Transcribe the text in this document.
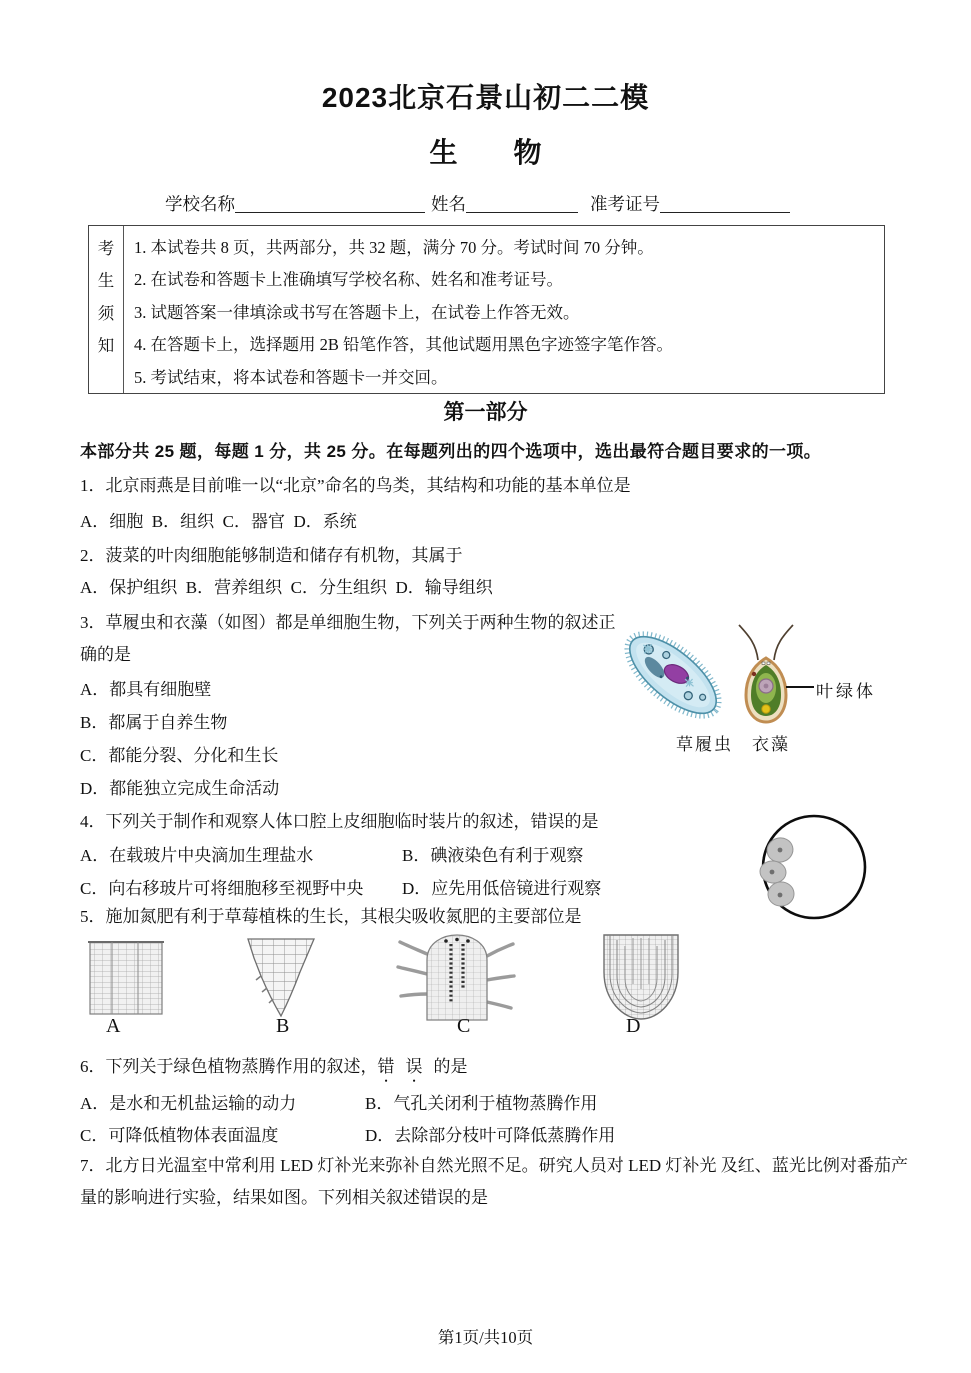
2023北京石景山初二二模
生　　物
学校名称	姓名	准考证号
考
生
须
知
1. 本试卷共 8 页，共两部分，共 32 题，满分 70 分。考试时间 70 分钟。
2. 在试卷和答题卡上准确填写学校名称、姓名和准考证号。
3. 试题答案一律填涂或书写在答题卡上，在试卷上作答无效。
4. 在答题卡上，选择题用 2B 铅笔作答，其他试题用黑色字迹签字笔作答。
5. 考试结束，将本试卷和答题卡一并交回。
第一部分
本部分共 25 题，每题 1 分，共 25 分。在每题列出的四个选项中，选出最符合题目要求的一项。
1．北京雨燕是目前唯一以“北京”命名的鸟类，其结构和功能的基本单位是
A．细胞  B．组织  C．器官  D．系统
2．菠菜的叶肉细胞能够制造和储存有机物，其属于
A．保护组织  B．营养组织  C．分生组织  D．输导组织
3．草履虫和衣藻（如图）都是单细胞生物，下列关于两种生物的叙述正确的是
A．都具有细胞壁
B．都属于自养生物
C．都能分裂、分化和生长
D．都能独立完成生命活动
叶绿体
草履虫 衣藻
4．下列关于制作和观察人体口腔上皮细胞临时装片的叙述，错误的是
A．在载玻片中央滴加生理盐水	B．碘液染色有利于观察
C．向右移玻片可将细胞移至视野中央 D．应先用低倍镜进行观察
5．施加氮肥有利于草莓植株的生长，其根尖吸收氮肥的主要部位是
A	B	C	D
6．下列关于绿色植物蒸腾作用的叙述，错误的是
A．是水和无机盐运输的动力	B．气孔关闭利于植物蒸腾作用
C．可降低植物体表面温度	D．去除部分枝叶可降低蒸腾作用
7．北方日光温室中常利用 LED 灯补光来弥补自然光照不足。研究人员对 LED 灯补光 及红、蓝光比例对番茄产量的影响进行实验，结果如图。下列相关叙述错误的是
第1页/共10页
